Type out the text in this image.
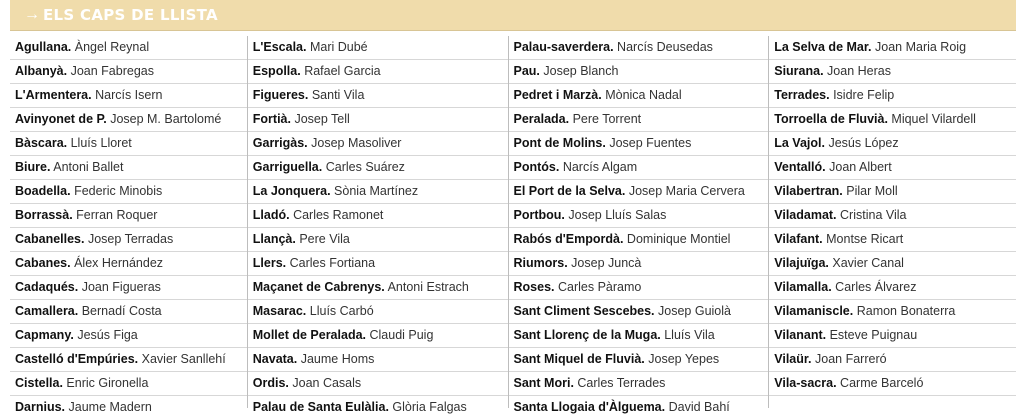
→ ELS CAPS DE LLISTA
Agullana. Àngel Reynal
Albanyà. Joan Fabregas
L'Armentera. Narcís Isern
Avinyonet de P. Josep M. Bartolomé
Bàscara. Lluís Lloret
Biure. Antoni Ballet
Boadella. Federic Minobis
Borrassà. Ferran Roquer
Cabanelles. Josep Terradas
Cabanes. Álex Hernández
Cadaqués. Joan Figueras
Camallera. Bernadí Costa
Capmany. Jesús Figa
Castelló d'Empúries. Xavier Sanllehí
Cistella. Enric Gironella
Darnius. Jaume Madern
L'Escala. Mari Dubé
Espolla. Rafael Garcia
Figueres. Santi Vila
Fortià. Josep Tell
Garrigàs. Josep Masoliver
Garriguella. Carles Suárez
La Jonquera. Sònia Martínez
Lladó. Carles Ramonet
Llançà. Pere Vila
Llers. Carles Fortiana
Maçanet de Cabrenys. Antoni Estrach
Masarac. Lluís Carbó
Mollet de Peralada. Claudi Puig
Navata. Jaume Homs
Ordis. Joan Casals
Palau de Santa Eulàlia. Glòria Falgas
Palau-saverdera. Narcís Deusedas
Pau. Josep Blanch
Pedret i Marzà. Mònica Nadal
Peralada. Pere Torrent
Pont de Molins. Josep Fuentes
Pontós. Narcís Algam
El Port de la Selva. Josep Maria Cervera
Portbou. Josep Lluís Salas
Rabós d'Empordà. Dominique Montiel
Riumors. Josep Juncà
Roses. Carles Pàramo
Sant Climent Sescebes. Josep Guiolà
Sant Llorenç de la Muga. Lluís Vila
Sant Miquel de Fluvià. Josep Yepes
Sant Mori. Carles Terrades
Santa Llogaia d'Àlguema. David Bahí
La Selva de Mar. Joan Maria Roig
Siurana. Joan Heras
Terrades. Isidre Felip
Torroella de Fluvià. Miquel Vilardell
La Vajol. Jesús López
Ventalló. Joan Albert
Vilabertran. Pilar Moll
Viladamat. Cristina Vila
Vilafant. Montse Ricart
Vilajuïga. Xavier Canal
Vilamalla. Carles Álvarez
Vilamaniscle. Ramon Bonaterra
Vilanant. Esteve Puignau
Vilaür. Joan Farreró
Vila-sacra. Carme Barceló
